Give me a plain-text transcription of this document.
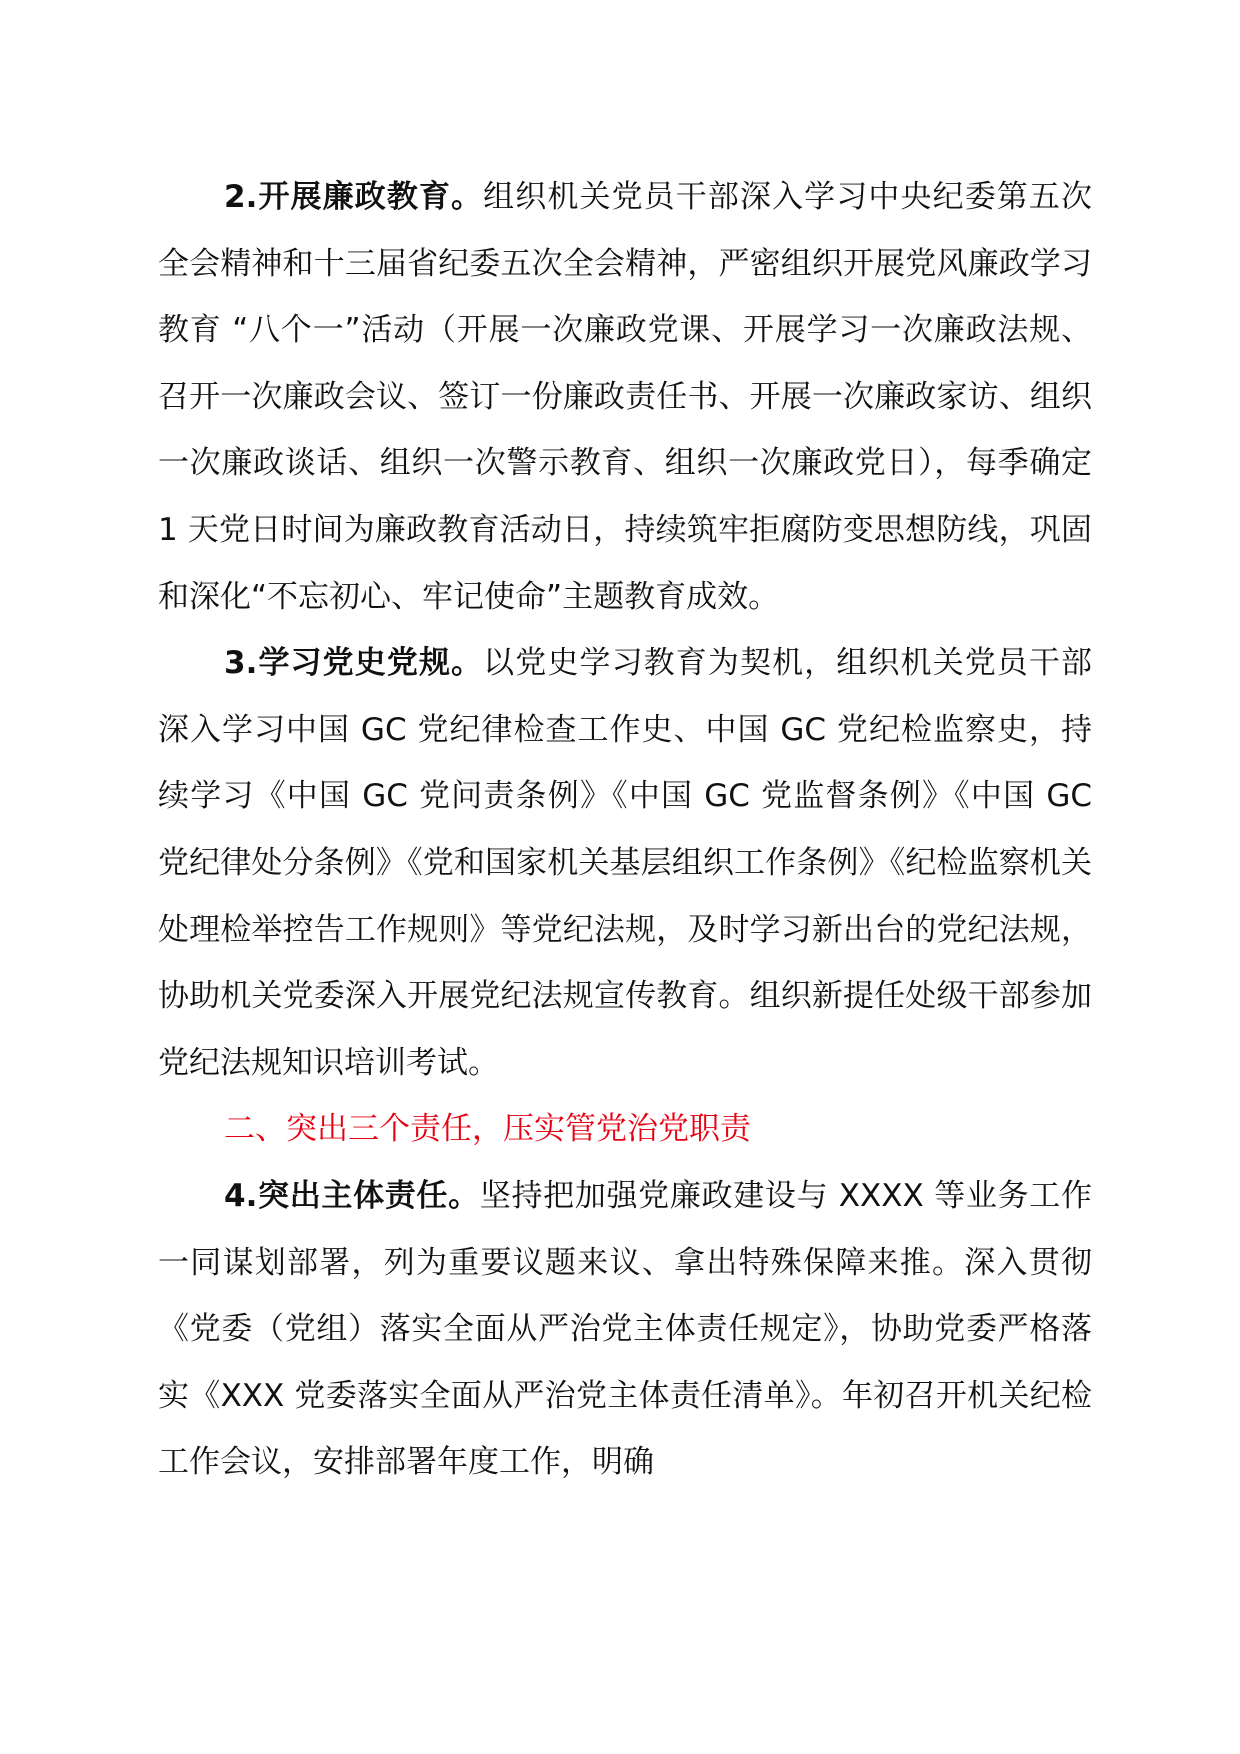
2.开展廉政教育。组织机关党员干部深入学习中央纪委第五次全会精神和十三届省纪委五次全会精神，严密组织开展党风廉政学习教育 “八个一”活动（开展一次廉政党课、开展学习一次廉政法规、召开一次廉政会议、签订一份廉政责任书、开展一次廉政家访、组织一次廉政谈话、组织一次警示教育、组织一次廉政党日），每季确定 1 天党日时间为廉政教育活动日，持续筑牢拒腐防变思想防线，巩固和深化“不忘初心、牢记使命”主题教育成效。

3.学习党史党规。以党史学习教育为契机，组织机关党员干部深入学习中国 GC 党纪律检查工作史、中国 GC 党纪检监察史，持续学习《中国 GC 党问责条例》《中国 GC 党监督条例》《中国 GC 党纪律处分条例》《党和国家机关基层组织工作条例》《纪检监察机关处理检举控告工作规则》等党纪法规，及时学习新出台的党纪法规，协助机关党委深入开展党纪法规宣传教育。组织新提任处级干部参加党纪法规知识培训考试。

二、突出三个责任，压实管党治党职责

4.突出主体责任。坚持把加强党廉政建设与 XXXX 等业务工作一同谋划部署，列为重要议题来议、拿出特殊保障来推。深入贯彻《党委（党组）落实全面从严治党主体责任规定》，协助党委严格落实《XXX 党委落实全面从严治党主体责任清单》。年初召开机关纪检工作会议，安排部署年度工作，明确
